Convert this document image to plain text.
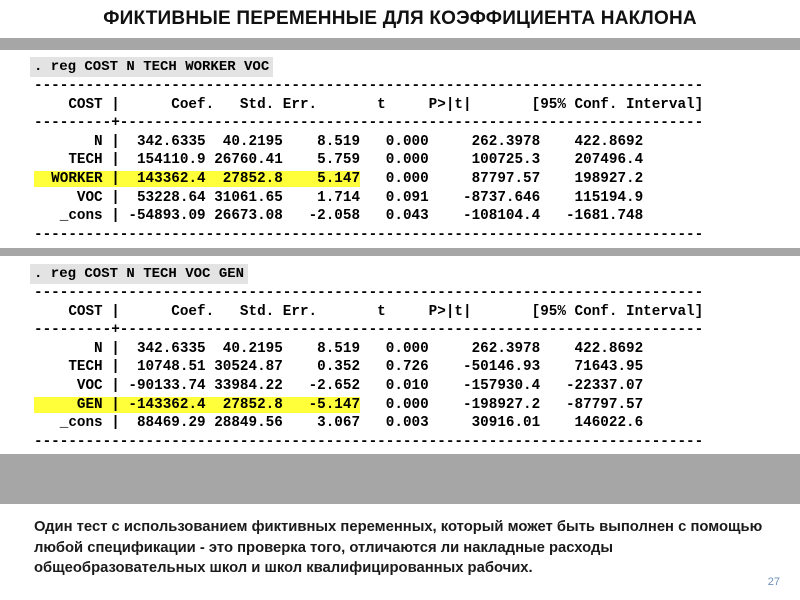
ФИКТИВНЫЕ ПЕРЕМЕННЫЕ ДЛЯ КОЭФФИЦИЕНТА НАКЛОНА
. reg COST N TECH WORKER VOC
------------------------------------------------------------------------------
COST |      Coef.   Std. Err.       t     P>|t|       [95% Conf. Interval]
---------+--------------------------------------------------------------------
N |  342.6335  40.2195    8.519   0.000     262.3978    422.8692
TECH |  154110.9 26760.41    5.759   0.000     100725.3    207496.4
WORKER |  143362.4  27852.8    5.147   0.000     87797.57    198927.2
VOC |  53228.64 31061.65    1.714   0.091    -8737.646    115194.9
_cons | -54893.09 26673.08   -2.058   0.043    -108104.4   -1681.748
------------------------------------------------------------------------------
. reg COST N TECH VOC GEN
------------------------------------------------------------------------------
COST |      Coef.   Std. Err.       t     P>|t|       [95% Conf. Interval]
---------+--------------------------------------------------------------------
N |  342.6335  40.2195    8.519   0.000     262.3978    422.8692
TECH |  10748.51 30524.87    0.352   0.726    -50146.93    71643.95
VOC | -90133.74 33984.22   -2.652   0.010    -157930.4   -22337.07
GEN | -143362.4  27852.8   -5.147   0.000    -198927.2   -87797.57
_cons |  88469.29 28849.56    3.067   0.003     30916.01    146022.6
------------------------------------------------------------------------------
Один тест с использованием фиктивных переменных, который может быть выполнен с помощью любой спецификации - это проверка того, отличаются ли накладные расходы общеобразовательных школ и школ квалифицированных рабочих.
27
